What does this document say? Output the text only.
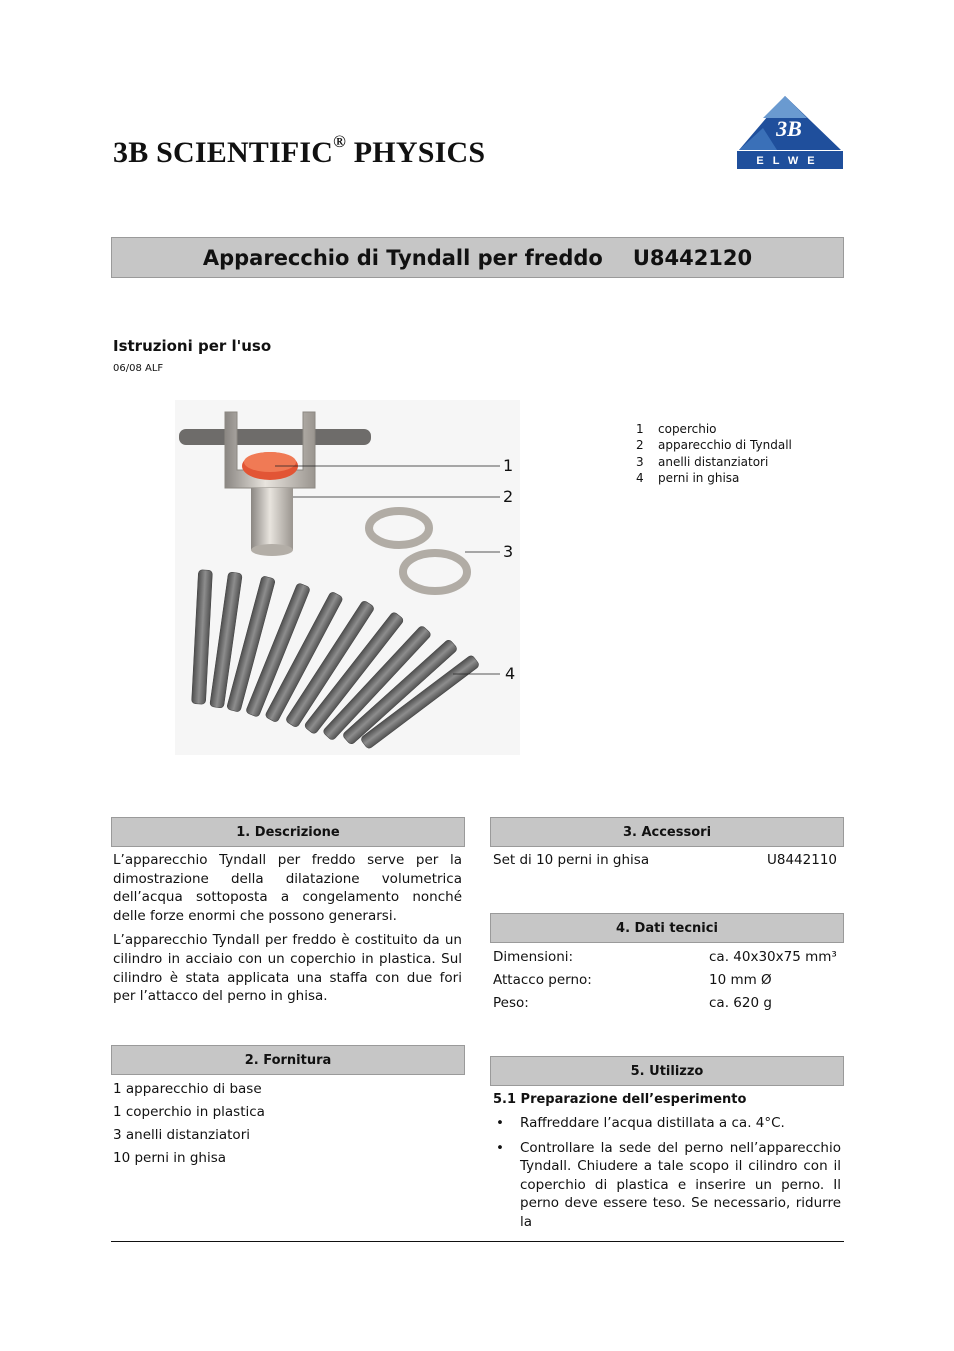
3B SCIENTIFIC® PHYSICS
3B
ELWE
Apparecchio di Tyndall per freddo U8442120
Istruzioni per l'uso
06/08 ALF
1
2
3
4
1 coperchio
2 apparecchio di Tyndall
3 anelli distanziatori
4 perni in ghisa
1. Descrizione

L’apparecchio Tyndall per freddo serve per la dimostrazione della dilatazione volumetrica dell’acqua sottoposta a congelamento nonché delle forze enormi che possono generarsi.

L’apparecchio Tyndall per freddo è costituito da un cilindro in acciaio con un coperchio in plastica. Sul cilindro è stata applicata una staffa con due fori per l’attacco del perno in ghisa.

2. Fornitura
1 apparecchio di base
1 coperchio in plastica
3 anelli distanziatori
10 perni in ghisa
3. Accessori
Set di 10 perni in ghisa	U8442110
4. Dati tecnici
Dimensioni:	ca. 40x30x75 mm³
Attacco perno:	10 mm Ø
Peso:	ca. 620 g
5. Utilizzo
5.1 Preparazione dell’esperimento
• Raffreddare l’acqua distillata a ca. 4°C.
• Controllare la sede del perno nell’apparecchio Tyndall. Chiudere a tale scopo il cilindro con il coperchio di plastica e inserire un perno. Il perno deve essere teso. Se necessario, ridurre la
